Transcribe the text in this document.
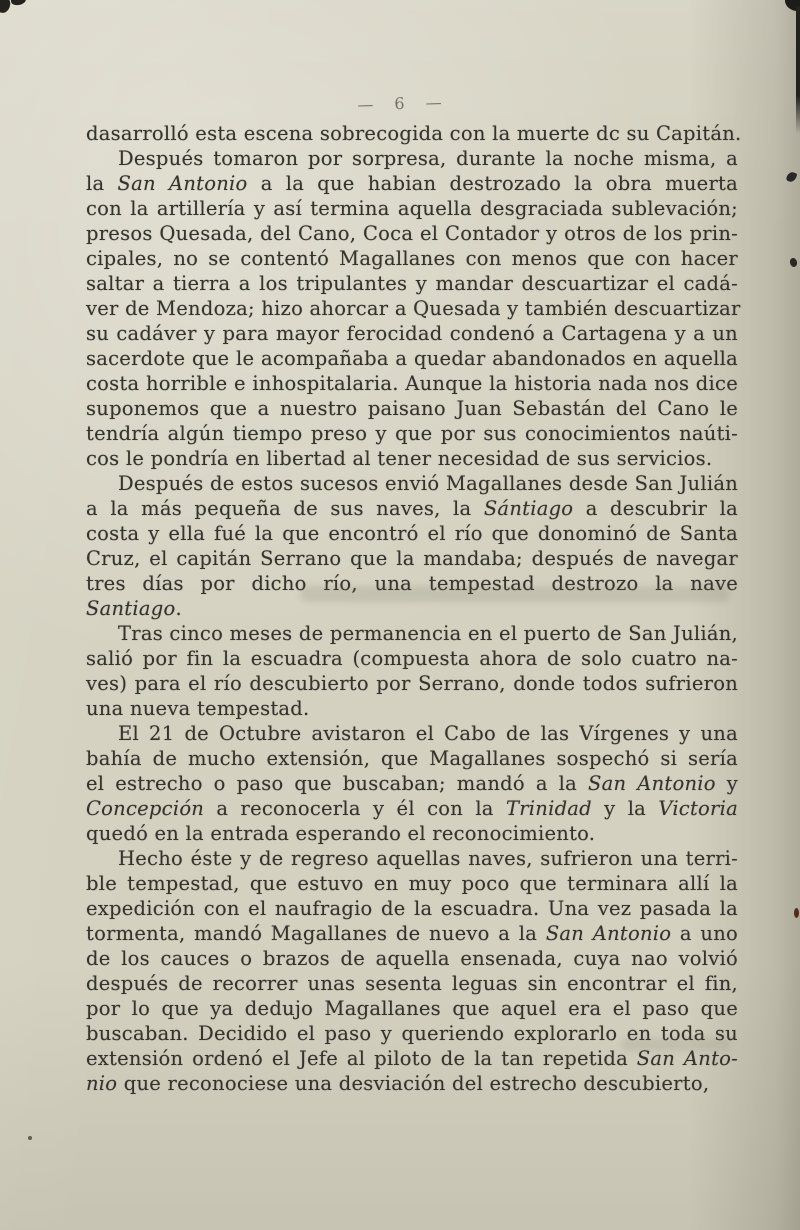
— 6 —
dasarrolló esta escena sobrecogida con la muerte dc su Capitán.
Después tomaron por sorpresa, durante la noche misma, a
la San Antonio a la que habian destrozado la obra muerta
con la artillería y así termina aquella desgraciada sublevación;
presos Quesada, del Cano, Coca el Contador y otros de los prin-
cipales, no se contentó Magallanes con menos que con hacer
saltar a tierra a los tripulantes y mandar descuartizar el cadá-
ver de Mendoza; hizo ahorcar a Quesada y también descuartizar
su cadáver y para mayor ferocidad condenó a Cartagena y a un
sacerdote que le acompañaba a quedar abandonados en aquella
costa horrible e inhospitalaria. Aunque la historia nada nos dice
suponemos que a nuestro paisano Juan Sebastán del Cano le
tendría algún tiempo preso y que por sus conocimientos naúti-
cos le pondría en libertad al tener necesidad de sus servicios.
Después de estos sucesos envió Magallanes desde San Julián
a la más pequeña de sus naves, la Sántiago a descubrir la
costa y ella fué la que encontró el río que donominó de Santa
Cruz, el capitán Serrano que la mandaba; después de navegar
tres días por dicho río, una tempestad destrozo la nave
Santiago.
Tras cinco meses de permanencia en el puerto de San Julián,
salió por fin la escuadra (compuesta ahora de solo cuatro na-
ves) para el río descubierto por Serrano, donde todos sufrieron
una nueva tempestad.
El 21 de Octubre avistaron el Cabo de las Vírgenes y una
bahía de mucho extensión, que Magallanes sospechó si sería
el estrecho o paso que buscaban; mandó a la San Antonio y
Concepción a reconocerla y él con la Trinidad y la Victoria
quedó en la entrada esperando el reconocimiento.
Hecho éste y de regreso aquellas naves, sufrieron una terri-
ble tempestad, que estuvo en muy poco que terminara allí la
expedición con el naufragio de la escuadra. Una vez pasada la
tormenta, mandó Magallanes de nuevo a la San Antonio a uno
de los cauces o brazos de aquella ensenada, cuya nao volvió
después de recorrer unas sesenta leguas sin encontrar el fin,
por lo que ya dedujo Magallanes que aquel era el paso que
buscaban. Decidido el paso y queriendo explorarlo en toda su
extensión ordenó el Jefe al piloto de la tan repetida San Anto-
nio que reconociese una desviación del estrecho descubierto,
